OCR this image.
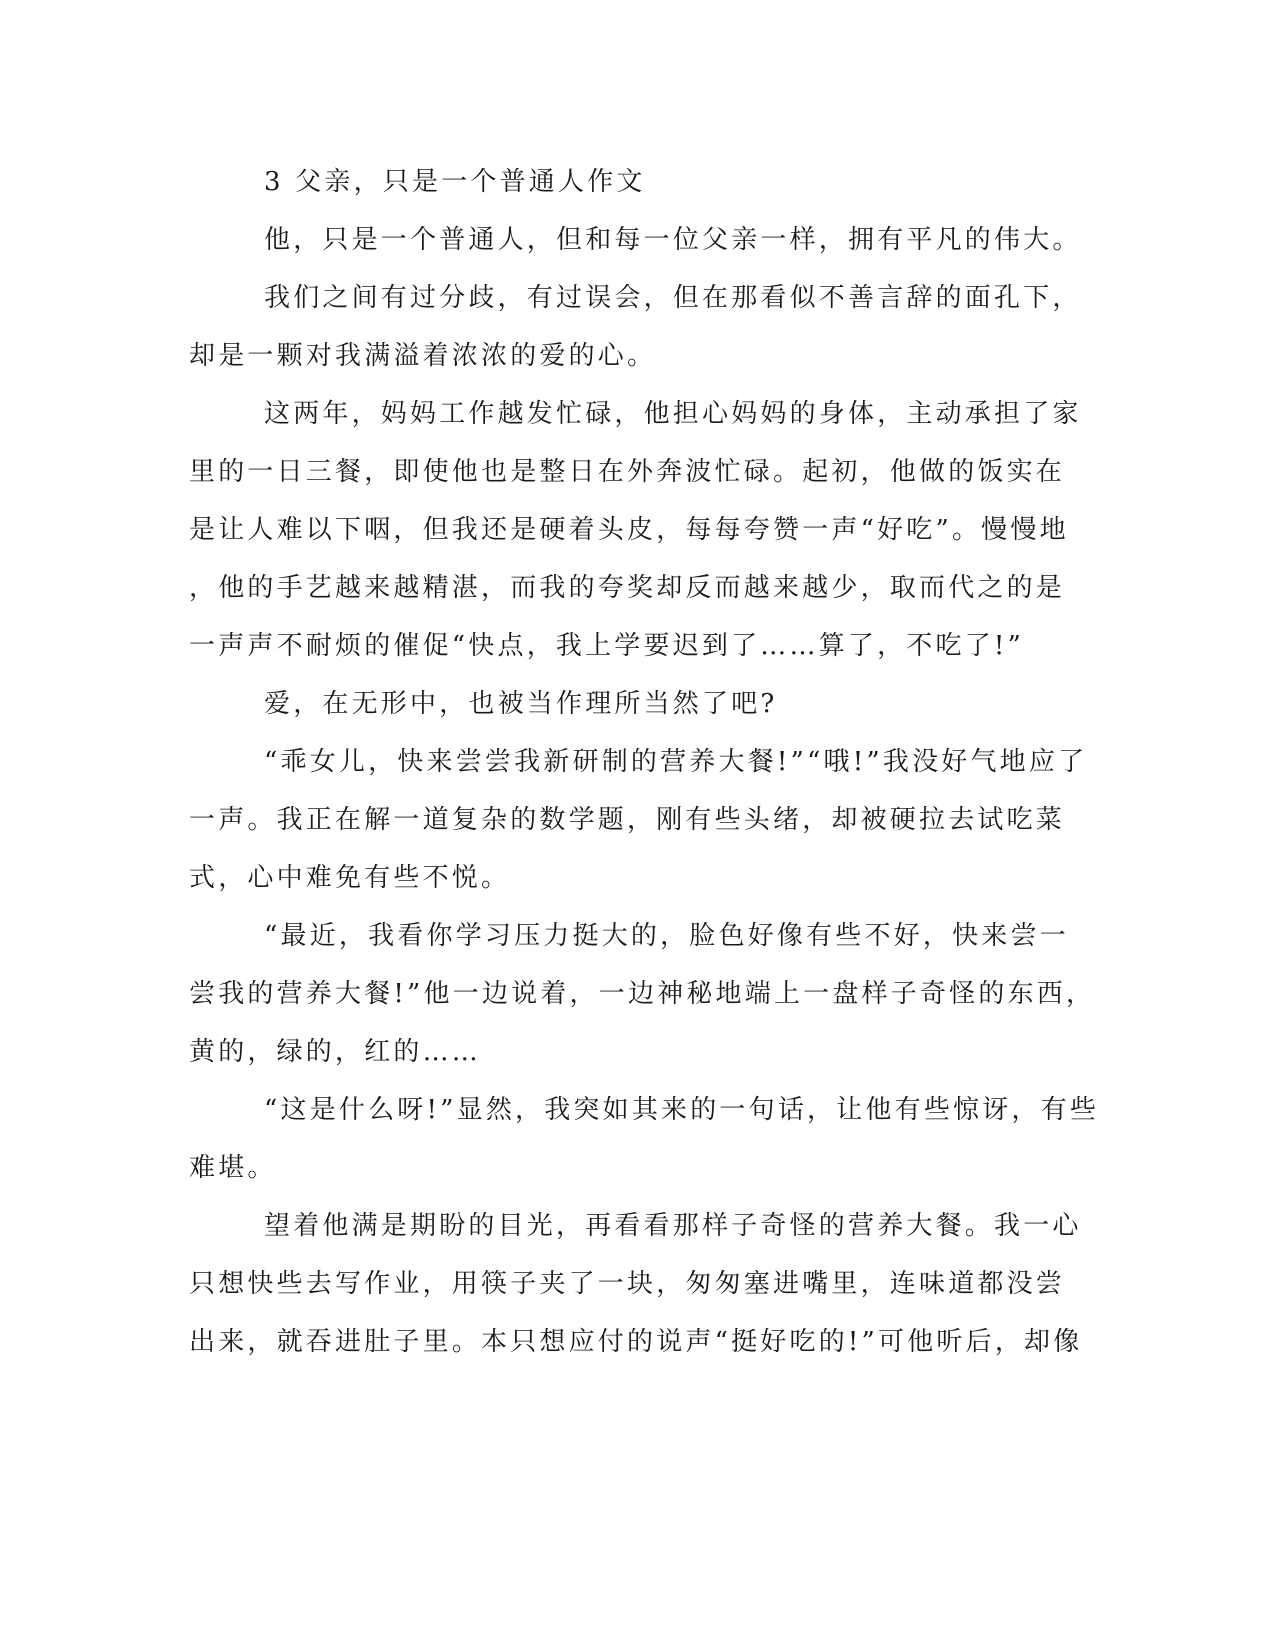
3 父亲，只是一个普通人作文
他，只是一个普通人，但和每一位父亲一样，拥有平凡的伟大。
我们之间有过分歧，有过误会，但在那看似不善言辞的面孔下，
却是一颗对我满溢着浓浓的爱的心。
这两年，妈妈工作越发忙碌，他担心妈妈的身体，主动承担了家
里的一日三餐，即使他也是整日在外奔波忙碌。起初，他做的饭实在
是让人难以下咽，但我还是硬着头皮，每每夸赞一声“好吃”。慢慢地
，他的手艺越来越精湛，而我的夸奖却反而越来越少，取而代之的是
一声声不耐烦的催促“快点，我上学要迟到了……算了，不吃了!”
爱，在无形中，也被当作理所当然了吧?
“乖女儿，快来尝尝我新研制的营养大餐!”“哦!”我没好气地应了
一声。我正在解一道复杂的数学题，刚有些头绪，却被硬拉去试吃菜
式，心中难免有些不悦。
“最近，我看你学习压力挺大的，脸色好像有些不好，快来尝一
尝我的营养大餐!”他一边说着，一边神秘地端上一盘样子奇怪的东西，
黄的，绿的，红的……
“这是什么呀!”显然，我突如其来的一句话，让他有些惊讶，有些
难堪。
望着他满是期盼的目光，再看看那样子奇怪的营养大餐。我一心
只想快些去写作业，用筷子夹了一块，匆匆塞进嘴里，连味道都没尝
出来，就吞进肚子里。本只想应付的说声“挺好吃的!”可他听后，却像
